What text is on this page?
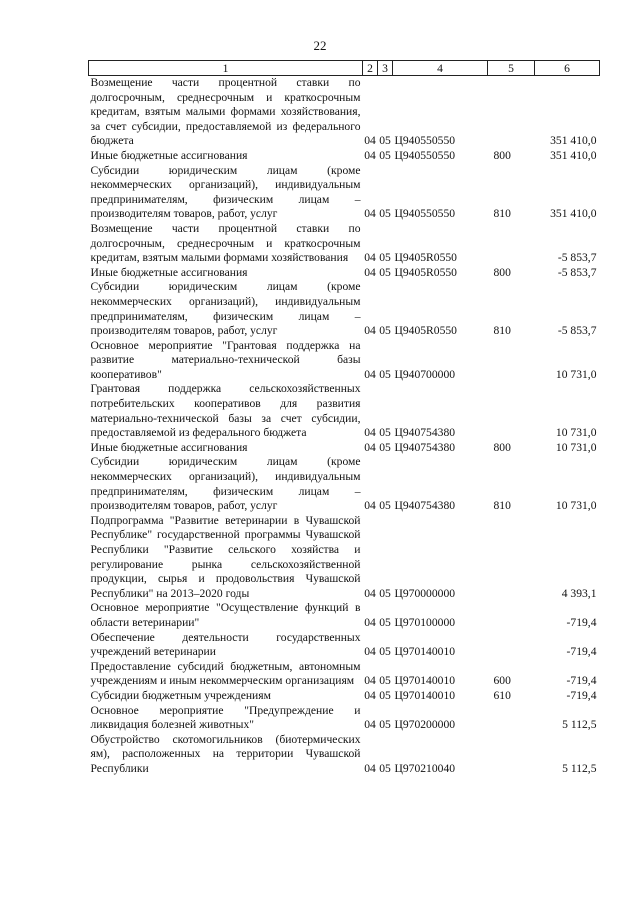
22
1	2	3	4	5	6
Возмещение части процентной ставки по долгосрочным, среднесрочным и краткосрочным кредитам, взятым малыми формами хозяйствования, за счет субсидии, предоставляемой из федерального бюджета	04	05	Ц940550550		351 410,0
Иные бюджетные ассигнования	04	05	Ц940550550	800	351 410,0
Субсидии юридическим лицам (кроме некоммерческих организаций), индивидуальным предпринимателям, физическим лицам – производителям товаров, работ, услуг	04	05	Ц940550550	810	351 410,0
Возмещение части процентной ставки по долгосрочным, среднесрочным и краткосрочным кредитам, взятым малыми формами хозяйствования	04	05	Ц9405R0550		-5 853,7
Иные бюджетные ассигнования	04	05	Ц9405R0550	800	-5 853,7
Субсидии юридическим лицам (кроме некоммерческих организаций), индивидуальным предпринимателям, физическим лицам – производителям товаров, работ, услуг	04	05	Ц9405R0550	810	-5 853,7
Основное мероприятие "Грантовая поддержка на развитие материально-технической базы кооперативов"	04	05	Ц940700000		10 731,0
Грантовая поддержка сельскохозяйственных потребительских кооперативов для развития материально-технической базы за счет субсидии, предоставляемой из федерального бюджета	04	05	Ц940754380		10 731,0
Иные бюджетные ассигнования	04	05	Ц940754380	800	10 731,0
Субсидии юридическим лицам (кроме некоммерческих организаций), индивидуальным предпринимателям, физическим лицам – производителям товаров, работ, услуг	04	05	Ц940754380	810	10 731,0
Подпрограмма "Развитие ветеринарии в Чувашской Республике" государственной программы Чувашской Республики "Развитие сельского хозяйства и регулирование рынка сельскохозяйственной продукции, сырья и продовольствия Чувашской Республики" на 2013–2020 годы	04	05	Ц970000000		4 393,1
Основное мероприятие "Осуществление функций в области ветеринарии"	04	05	Ц970100000		-719,4
Обеспечение деятельности государственных учреждений ветеринарии	04	05	Ц970140010		-719,4
Предоставление субсидий бюджетным, автономным учреждениям и иным некоммерческим организациям	04	05	Ц970140010	600	-719,4
Субсидии бюджетным учреждениям	04	05	Ц970140010	610	-719,4
Основное мероприятие "Предупреждение и ликвидация болезней животных"	04	05	Ц970200000		5 112,5
Обустройство скотомогильников (биотермических ям), расположенных на территории Чувашской Республики	04	05	Ц970210040		5 112,5
